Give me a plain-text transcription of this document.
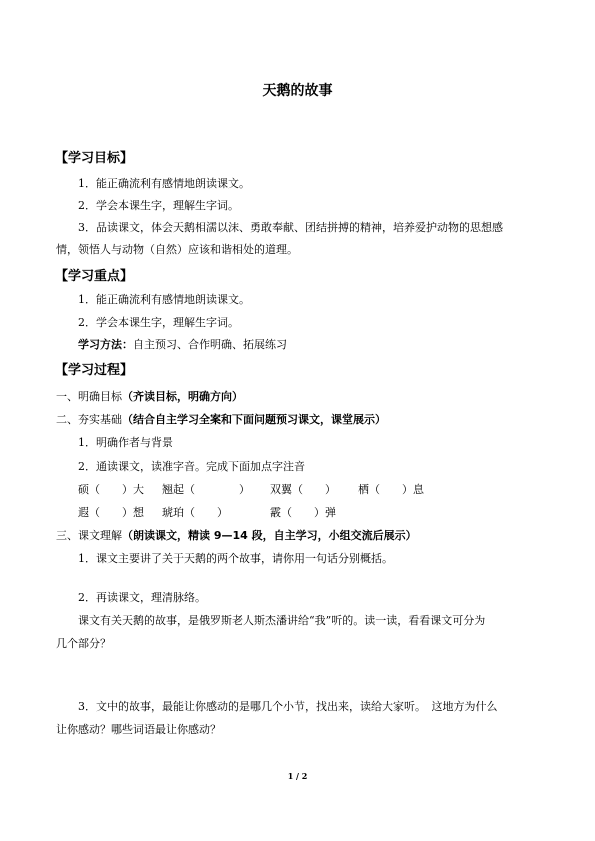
天鹅的故事
【学习目标】
1．能正确流利有感情地朗读课文。
2．学会本课生字，理解生字词。
3．品读课文，体会天鹅相濡以沫、勇敢奉献、团结拼搏的精神，培养爱护动物的思想感
情，领悟人与动物（自然）应该和谐相处的道理。
【学习重点】
1．能正确流利有感情地朗读课文。
2．学会本课生字，理解生字词。
学习方法：自主预习、合作明确、拓展练习
【学习过程】
一、明确目标（齐读目标，明确方向）
二、夯实基础（结合自主学习全案和下面问题预习课文，课堂展示）
1．明确作者与背景
2．通读课文，读准字音。完成下面加点字注音
硕（　　）大 翘起（　　　　） 双翼（　　） 栖（　　）息
遐（　　）想 琥珀（　　）	霰（　　）弹
三、课文理解（朗读课文，精读 9—14 段，自主学习，小组交流后展示）
1．课文主要讲了关于天鹅的两个故事，请你用一句话分别概括。
2．再读课文，理清脉络。
课文有关天鹅的故事，是俄罗斯老人斯杰潘讲给“我”听的。读一读，看看课文可分为
几个部分？
3．文中的故事，最能让你感动的是哪几个小节，找出来，读给大家听。　这地方为什么
让你感动？哪些词语最让你感动？
1 / 2
